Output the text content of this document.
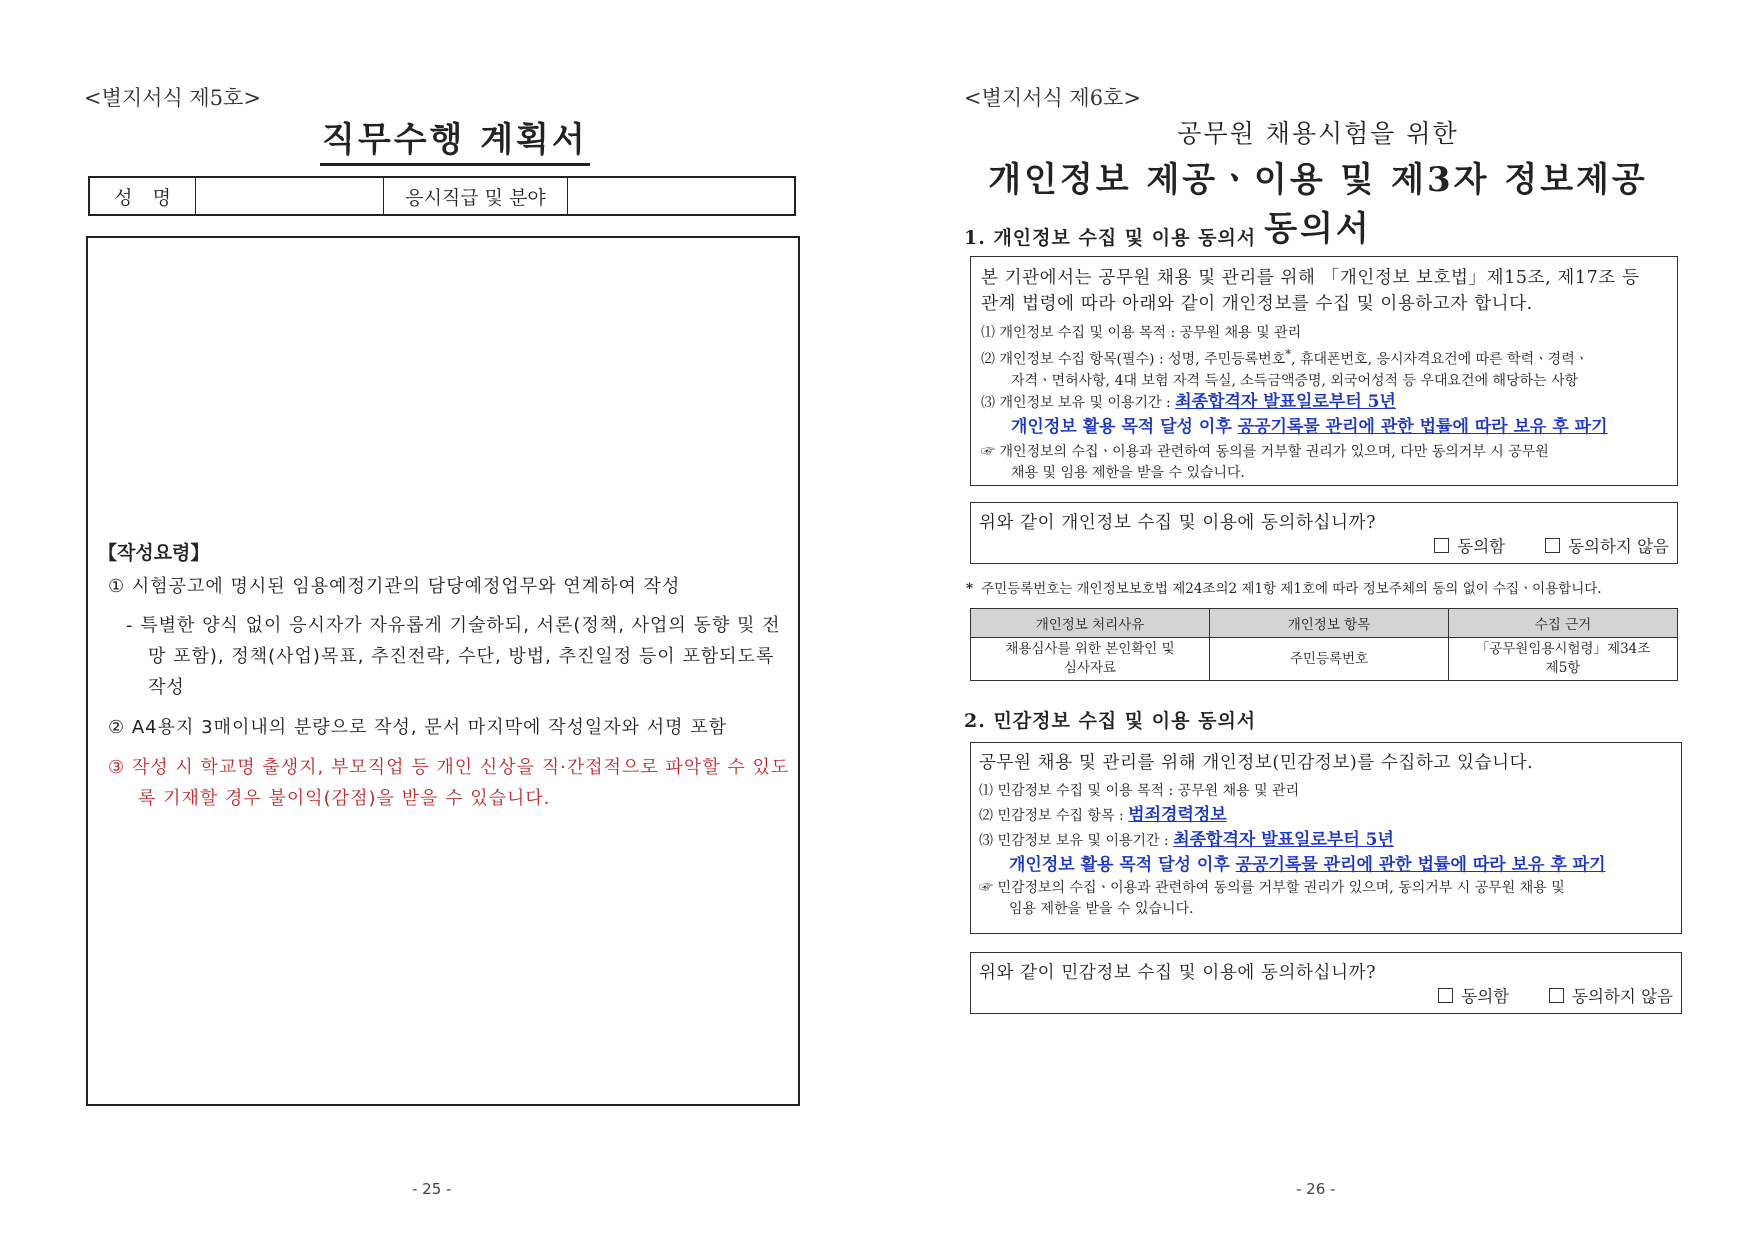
<별지서식 제5호>
직무수행 계획서
성 명	응시직급 및 분야
【작성요령】
① 시험공고에 명시된 임용예정기관의 담당예정업무와 연계하여 작성
- 특별한 양식 없이 응시자가 자유롭게 기술하되, 서론(정책, 사업의 동향 및 전망 포함), 정책(사업)목표, 추진전략, 수단, 방법, 추진일정 등이 포함되도록 작성
② A4용지 3매이내의 분량으로 작성, 문서 마지막에 작성일자와 서명 포함
③ 작성 시 학교명 출생지, 부모직업 등 개인 신상을 직·간접적으로 파악할 수 있도록 기재할 경우 불이익(감점)을 받을 수 있습니다.
- 25 -
<별지서식 제6호>
공무원 채용시험을 위한
개인정보 제공ㆍ이용 및 제3자 정보제공 동의서
1. 개인정보 수집 및 이용 동의서
본 기관에서는 공무원 채용 및 관리를 위해 「개인정보 보호법」제15조, 제17조 등
관계 법령에 따라 아래와 같이 개인정보를 수집 및 이용하고자 합니다.
⑴ 개인정보 수집 및 이용 목적 : 공무원 채용 및 관리
⑵ 개인정보 수집 항목(필수) : 성명, 주민등록번호*, 휴대폰번호, 응시자격요건에 따른 학력ㆍ경력ㆍ
자격ㆍ면허사항, 4대 보험 자격 득실, 소득금액증명, 외국어성적 등 우대요건에 해당하는 사항
⑶ 개인정보 보유 및 이용기간 : 최종합격자 발표일로부터 5년
개인정보 활용 목적 달성 이후 공공기록물 관리에 관한 법률에 따라 보유 후 파기
☞ 개인정보의 수집ㆍ이용과 관련하여 동의를 거부할 권리가 있으며, 다만 동의거부 시 공무원
채용 및 임용 제한을 받을 수 있습니다.
위와 같이 개인정보 수집 및 이용에 동의하십니까?
동의함	동의하지 않음
* 주민등록번호는 개인정보보호법 제24조의2 제1항 제1호에 따라 정보주체의 동의 없이 수집ㆍ이용합니다.
개인정보 처리사유	개인정보 항목	수집 근거
채용심사를 위한 본인확인 및
심사자료	주민등록번호	「공무원임용시험령」제34조
제5항
2. 민감정보 수집 및 이용 동의서
공무원 채용 및 관리를 위해 개인정보(민감정보)를 수집하고 있습니다.
⑴ 민감정보 수집 및 이용 목적 : 공무원 채용 및 관리
⑵ 민감정보 수집 항목 : 범죄경력정보
⑶ 민감정보 보유 및 이용기간 : 최종합격자 발표일로부터 5년
개인정보 활용 목적 달성 이후 공공기록물 관리에 관한 법률에 따라 보유 후 파기
☞ 민감정보의 수집ㆍ이용과 관련하여 동의를 거부할 권리가 있으며, 동의거부 시 공무원 채용 및
임용 제한을 받을 수 있습니다.
위와 같이 민감정보 수집 및 이용에 동의하십니까?
동의함	동의하지 않음
- 26 -
